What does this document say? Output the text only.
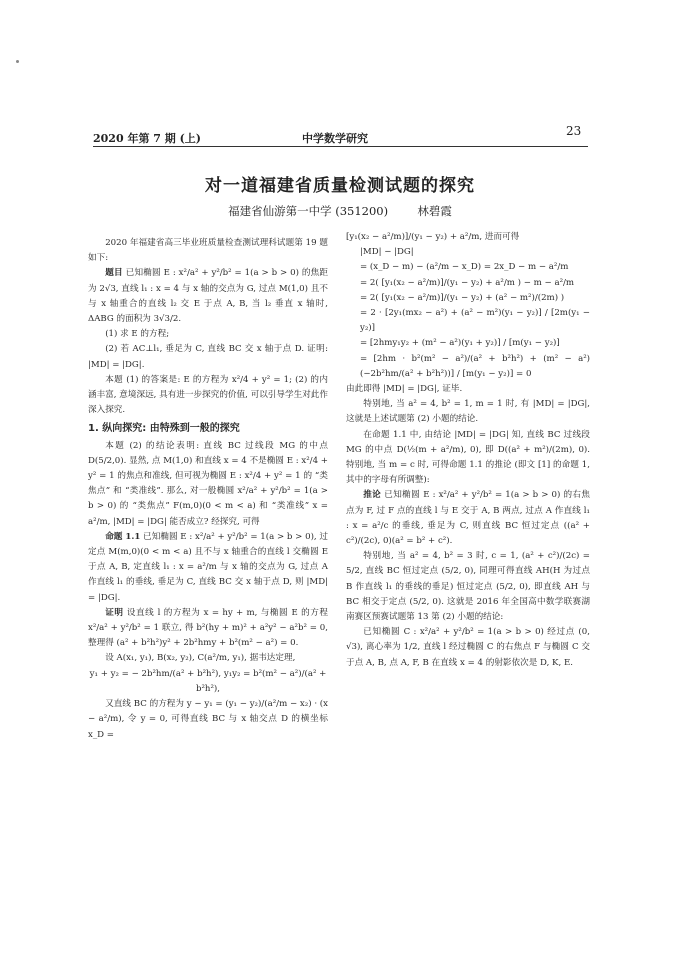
2020 年第 7 期 (上)	中学数学研究
23
对一道福建省质量检测试题的探究
福建省仙游第一中学 (351200)	林碧霞

2020 年福建省高三毕业班质量检查测试理科试题第 19 题如下:

题目 已知椭圆 E : x²/a² + y²/b² = 1(a > b > 0) 的焦距为 2√3, 直线 l₁ : x = 4 与 x 轴的交点为 G, 过点 M(1,0) 且不与 x 轴重合的直线 l₂ 交 E 于点 A, B, 当 l₂ 垂直 x 轴时, ΔABG 的面积为 3√3/2.

(1) 求 E 的方程;

(2) 若 AC⊥l₁, 垂足为 C, 直线 BC 交 x 轴于点 D. 证明: |MD| = |DG|.

本题 (1) 的答案是: E 的方程为 x²/4 + y² = 1; (2) 的内涵丰富, 意境深远, 具有进一步探究的价值, 可以引导学生对此作深入探究.

1. 纵向探究: 由特殊到一般的探究

本题 (2) 的结论表明: 直线 BC 过线段 MG 的中点 D(5/2,0). 显然, 点 M(1,0) 和直线 x = 4 不是椭圆 E : x²/4 + y² = 1 的焦点和准线, 但可视为椭圆 E : x²/4 + y² = 1 的 “类焦点” 和 “类准线”. 那么, 对一般椭圆 x²/a² + y²/b² = 1(a > b > 0) 的 “类焦点” F(m,0)(0 < m < a) 和 “类准线” x = a²/m, |MD| = |DG| 能否成立? 经探究, 可得

命题 1.1 已知椭圆 E : x²/a² + y²/b² = 1(a > b > 0), 过定点 M(m,0)(0 < m < a) 且不与 x 轴重合的直线 l 交椭圆 E 于点 A, B, 定直线 l₁ : x = a²/m 与 x 轴的交点为 G, 过点 A 作直线 l₁ 的垂线, 垂足为 C, 直线 BC 交 x 轴于点 D, 则 |MD| = |DG|.

证明 设直线 l 的方程为 x = hy + m, 与椭圆 E 的方程 x²/a² + y²/b² = 1 联立, 得 b²(hy + m)² + a²y² − a²b² = 0, 整理得 (a² + b²h²)y² + 2b²hmy + b²(m² − a²) = 0.

设 A(x₁, y₁), B(x₂, y₂), C(a²/m, y₁), 据韦达定理,

y₁ + y₂ = − 2b²hm/(a² + b²h²), y₁y₂ = b²(m² − a²)/(a² + b²h²),

又直线 BC 的方程为 y − y₁ = (y₁ − y₂)/(a²/m − x₂) · (x − a²/m), 令 y = 0, 可得直线 BC 与 x 轴交点 D 的横坐标 x_D =

[y₁(x₂ − a²/m)]/(y₁ − y₂) + a²/m, 进而可得

|MD| − |DG|

= (x_D − m) − (a²/m − x_D) = 2x_D − m − a²/m

= 2( [y₁(x₂ − a²/m)]/(y₁ − y₂) + a²/m ) − m − a²/m

= 2( [y₁(x₂ − a²/m)]/(y₁ − y₂) + (a² − m²)/(2m) )

= 2 · [2y₁(mx₂ − a²) + (a² − m²)(y₁ − y₂)] / [2m(y₁ − y₂)]

= [2hmy₁y₂ + (m² − a²)(y₁ + y₂)] / [m(y₁ − y₂)]

= [2hm · b²(m² − a²)/(a² + b²h²) + (m² − a²)(−2b²hm/(a² + b²h²))] / [m(y₁ − y₂)] = 0

由此即得 |MD| = |DG|, 证毕.

特别地, 当 a² = 4, b² = 1, m = 1 时, 有 |MD| = |DG|, 这就是上述试题第 (2) 小题的结论.

在命题 1.1 中, 由结论 |MD| = |DG| 知, 直线 BC 过线段 MG 的中点 D(½(m + a²/m), 0), 即 D((a² + m²)/(2m), 0). 特别地, 当 m = c 时, 可得命题 1.1 的推论 (即文 [1] 的命题 1, 其中的字母有所调整):

推论 已知椭圆 E : x²/a² + y²/b² = 1(a > b > 0) 的右焦点为 F, 过 F 点的直线 l 与 E 交于 A, B 两点, 过点 A 作直线 l₁ : x = a²/c 的垂线, 垂足为 C, 则直线 BC 恒过定点 ((a² + c²)/(2c), 0)(a² = b² + c²).

特别地, 当 a² = 4, b² = 3 时, c = 1, (a² + c²)/(2c) = 5/2, 直线 BC 恒过定点 (5/2, 0), 同理可得直线 AH(H 为过点 B 作直线 l₁ 的垂线的垂足) 恒过定点 (5/2, 0), 即直线 AH 与 BC 相交于定点 (5/2, 0). 这就是 2016 年全国高中数学联赛湖南赛区预赛试题第 13 第 (2) 小题的结论:

已知椭圆 C : x²/a² + y²/b² = 1(a > b > 0) 经过点 (0, √3), 离心率为 1/2, 直线 l 经过椭圆 C 的右焦点 F 与椭圆 C 交于点 A, B, 点 A, F, B 在直线 x = 4 的射影依次是 D, K, E.
